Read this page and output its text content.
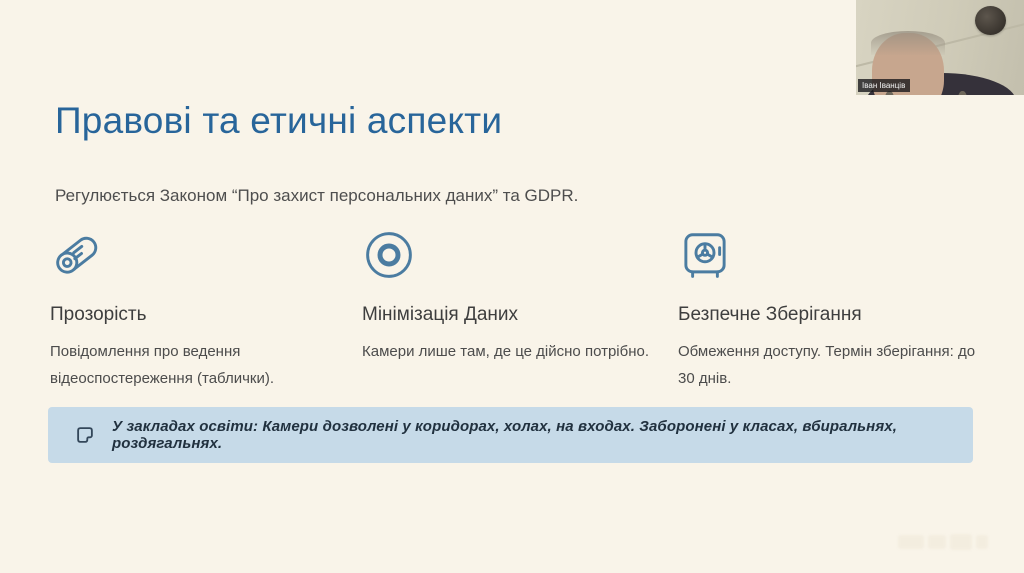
Правові та етичні аспекти

Регулюється Законом “Про захист персональних даних” та GDPR.

Прозорість

Повідомлення про ведення відеоспостереження (таблички).

Мінімізація Даних

Камери лише там, де це дійсно потрібно.

Безпечне Зберігання

Обмеження доступу. Термін зберігання: до 30 днів.

У закладах освіти: Камери дозволені у коридорах, холах, на входах. Заборонені у класах, вбиральнях, роздягальнях.

Іван Іванців
